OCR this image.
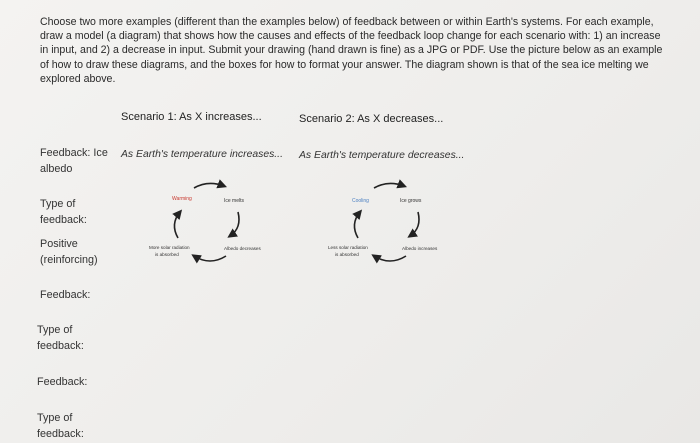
Choose two more examples (different than the examples below) of feedback between or within Earth's systems. For each example, draw a model (a diagram) that shows how the causes and effects of the feedback loop change for each scenario with: 1) an increase in input, and 2) a decrease in input. Submit your drawing (hand drawn is fine) as a JPG or PDF. Use the picture below as an example of how to draw these diagrams, and the boxes for how to format your answer. The diagram shown is that of the sea ice melting we explored above.
Scenario 1: As X increases...	Scenario 2: As X decreases...
Feedback: Ice albedo
As Earth's temperature increases... As Earth's temperature decreases...
Type of feedback:
Positive (reinforcing)
Warming	Ice melts
More solar radiation
is absorbed
Albedo decreases
Cooling	Ice grows
Less solar radiation
is absorbed
Albedo increases
Feedback:
Type of feedback:
Feedback:
Type of feedback:
